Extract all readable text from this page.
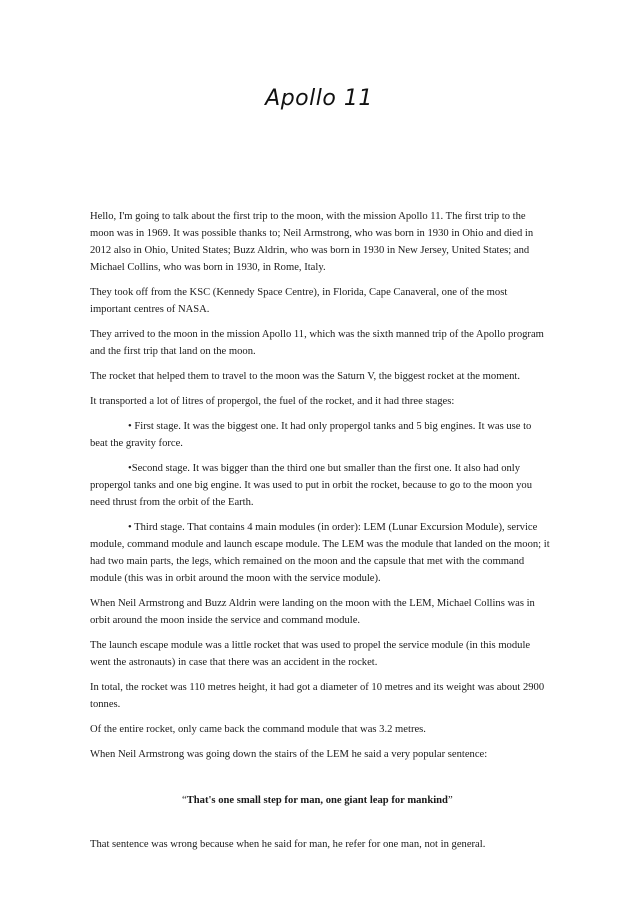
Apollo 11

Hello, I'm going to talk about the first trip to the moon, with the mission Apollo 11. The first trip to the moon was in 1969. It was possible thanks to; Neil Armstrong, who was born in 1930 in Ohio and died in 2012 also in Ohio, United States; Buzz Aldrin, who was born in 1930 in New Jersey, United States; and Michael Collins, who was born in 1930, in Rome, Italy.

They took off from the KSC (Kennedy Space Centre), in Florida, Cape Canaveral, one of the most important centres of NASA.

They arrived to the moon in the mission Apollo 11, which was the sixth manned trip of the Apollo program and the first trip that land on the moon.

The rocket that helped them to travel to the moon was the Saturn V, the biggest rocket at the moment.

It transported a lot of litres of propergol, the fuel of the rocket, and it had three stages:

• First stage. It was the biggest one. It had only propergol tanks and 5 big engines. It was use to beat the gravity force.

•Second stage. It was bigger than the third one but smaller than the first one. It also had only propergol tanks and one big engine. It was used to put in orbit the rocket, because to go to the moon you need thrust from the orbit of the Earth.

• Third stage. That contains 4 main modules (in order): LEM (Lunar Excursion Module), service module, command module and launch escape module. The LEM was the module that landed on the moon; it had two main parts, the legs, which remained on the moon and the capsule that met with the command module (this was in orbit around the moon with the service module).

When Neil Armstrong and Buzz Aldrin were landing on the moon with the LEM, Michael Collins was in orbit around the moon inside the service and command module.

The launch escape module was a little rocket that was used to propel the service module (in this module went the astronauts) in case that there was an accident in the rocket.

In total, the rocket was 110 metres height, it had got a diameter of 10 metres and its weight was about 2900 tonnes.

Of the entire rocket, only came back the command module that was 3.2 metres.

When Neil Armstrong was going down the stairs of the LEM he said a very popular sentence:

“That's one small step for man, one giant leap for mankind”

That sentence was wrong because when he said for man, he refer for one man, not in general.
